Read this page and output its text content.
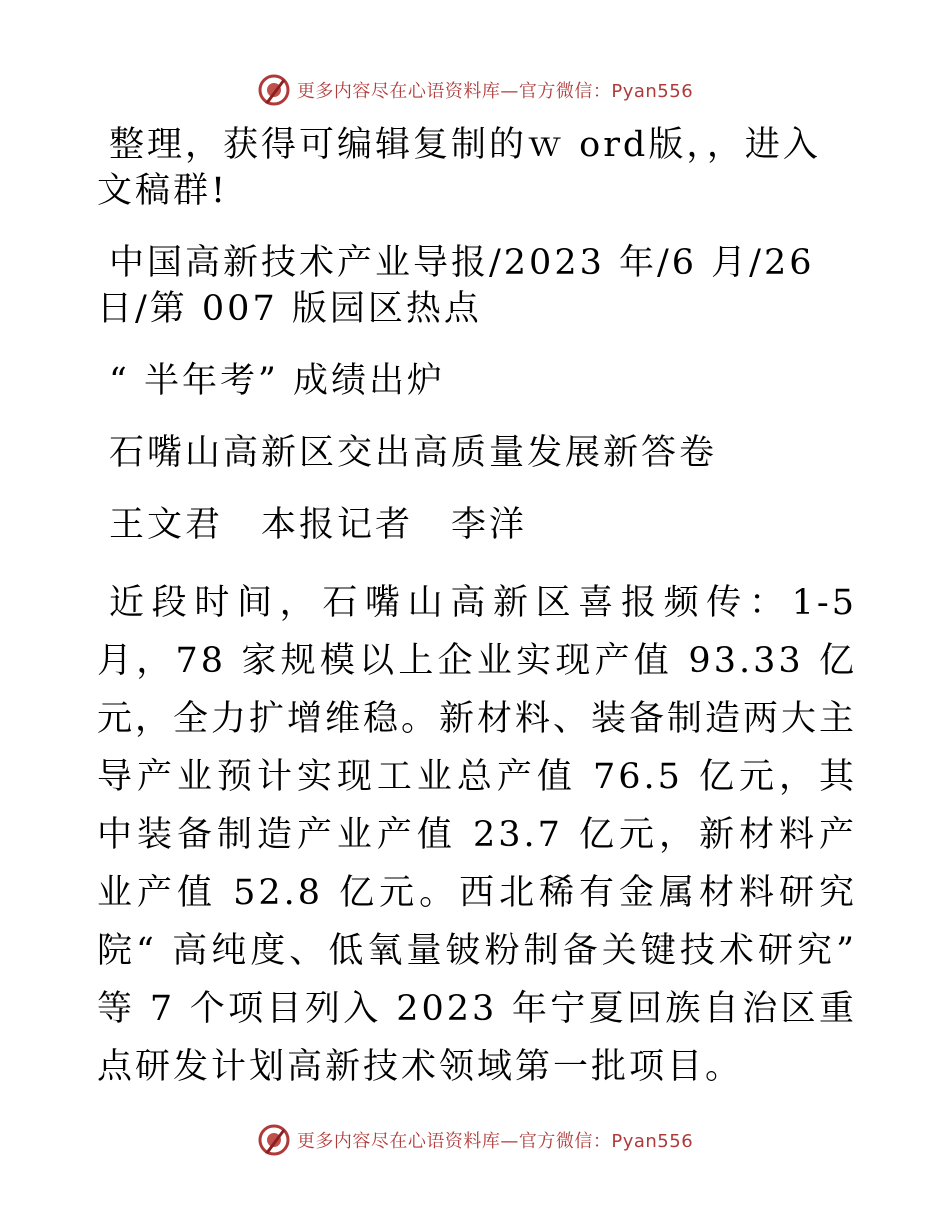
更多内容尽在心语资料库—官方微信：Pyan556

整理，获得可编辑复制的ｗ ord版，，进入文稿群!

中国高新技术产业导报/2023 年/6 月/26 日/第 007 版园区热点

“ 半年考” 成绩出炉

石嘴山高新区交出高质量发展新答卷

王文君　本报记者　李洋

近段时间，石嘴山高新区喜报频传：1-5 月，78 家规模以上企业实现产值 93.33 亿元，全力扩增维稳。新材料、装备制造两大主导产业预计实现工业总产值 76.5 亿元，其中装备制造产业产值 23.7 亿元，新材料产业产值 52.8 亿元。西北稀有金属材料研究院“ 高纯度、低氧量铍粉制备关键技术研究” 等 7 个项目列入 2023 年宁夏回族自治区重点研发计划高新技术领域第一批项目。

更多内容尽在心语资料库—官方微信：Pyan556
